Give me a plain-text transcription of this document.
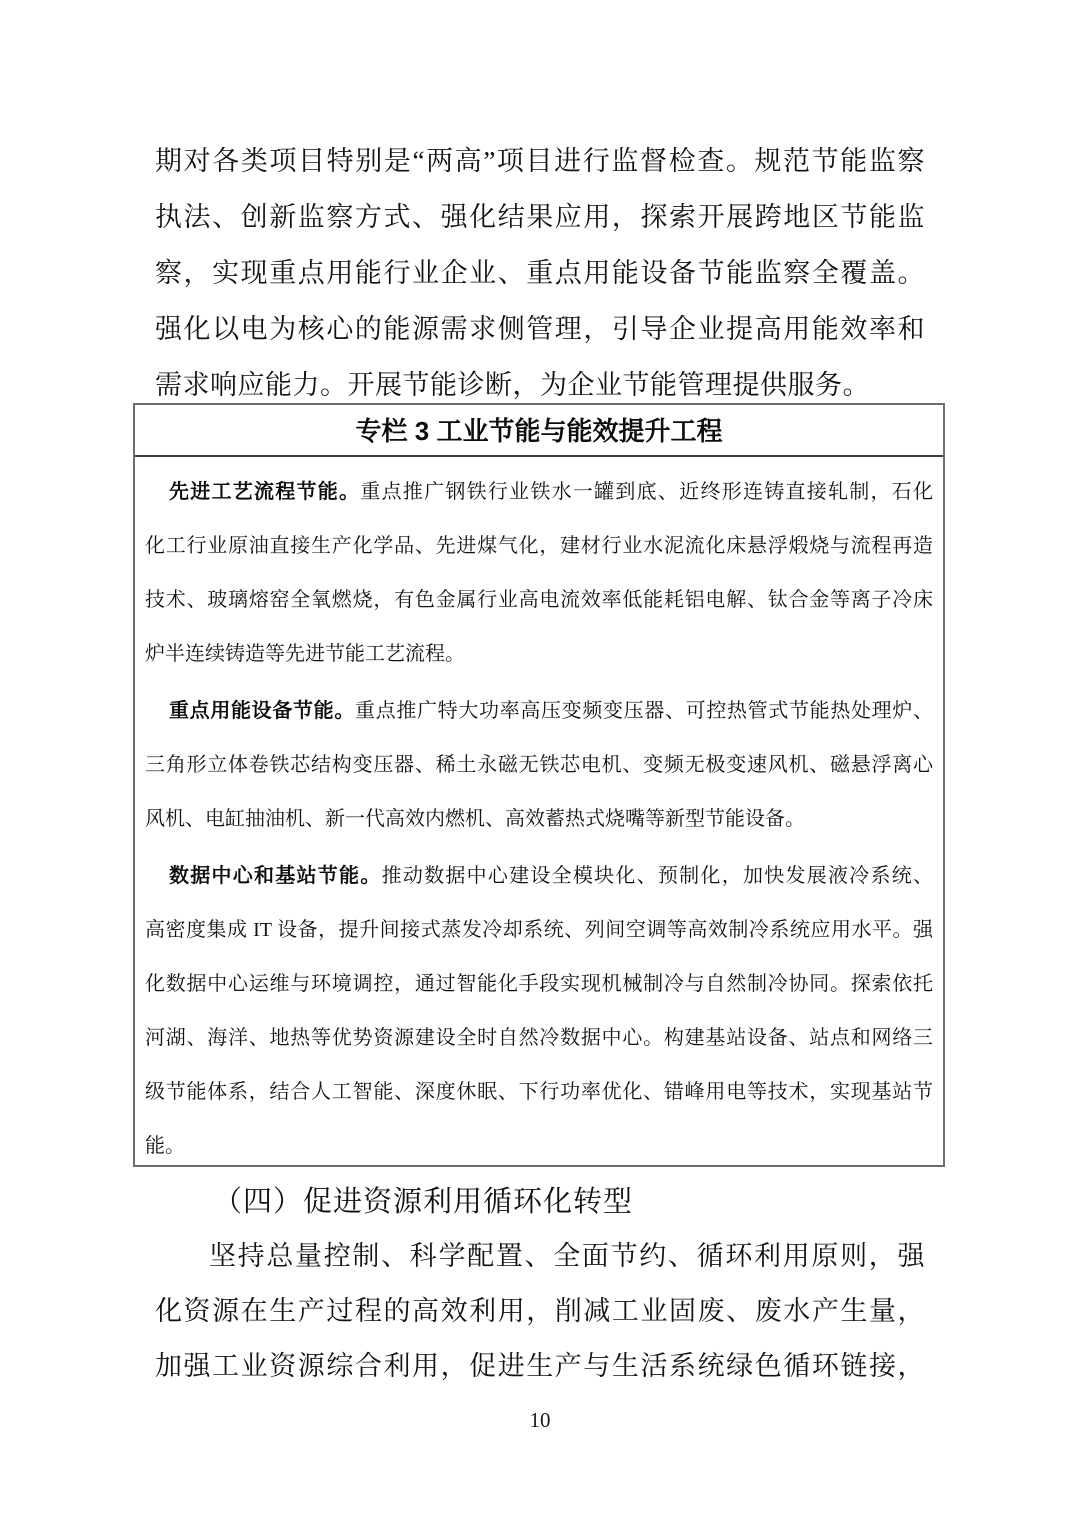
期对各类项目特别是“两高”项目进行监督检查。规范节能监察
执法、创新监察方式、强化结果应用，探索开展跨地区节能监
察，实现重点用能行业企业、重点用能设备节能监察全覆盖。
强化以电为核心的能源需求侧管理，引导企业提高用能效率和
需求响应能力。开展节能诊断，为企业节能管理提供服务。
专栏 3 工业节能与能效提升工程
先进工艺流程节能。重点推广钢铁行业铁水一罐到底、近终形连铸直接轧制，石化
化工行业原油直接生产化学品、先进煤气化，建材行业水泥流化床悬浮煅烧与流程再造
技术、玻璃熔窑全氧燃烧，有色金属行业高电流效率低能耗铝电解、钛合金等离子冷床
炉半连续铸造等先进节能工艺流程。
重点用能设备节能。重点推广特大功率高压变频变压器、可控热管式节能热处理炉、
三角形立体卷铁芯结构变压器、稀土永磁无铁芯电机、变频无极变速风机、磁悬浮离心
风机、电缸抽油机、新一代高效内燃机、高效蓄热式烧嘴等新型节能设备。
数据中心和基站节能。推动数据中心建设全模块化、预制化，加快发展液冷系统、
高密度集成 IT 设备，提升间接式蒸发冷却系统、列间空调等高效制冷系统应用水平。强
化数据中心运维与环境调控，通过智能化手段实现机械制冷与自然制冷协同。探索依托
河湖、海洋、地热等优势资源建设全时自然冷数据中心。构建基站设备、站点和网络三
级节能体系，结合人工智能、深度休眠、下行功率优化、错峰用电等技术，实现基站节
能。
（四）促进资源利用循环化转型
坚持总量控制、科学配置、全面节约、循环利用原则，强
化资源在生产过程的高效利用，削减工业固废、废水产生量，
加强工业资源综合利用，促进生产与生活系统绿色循环链接，
10
